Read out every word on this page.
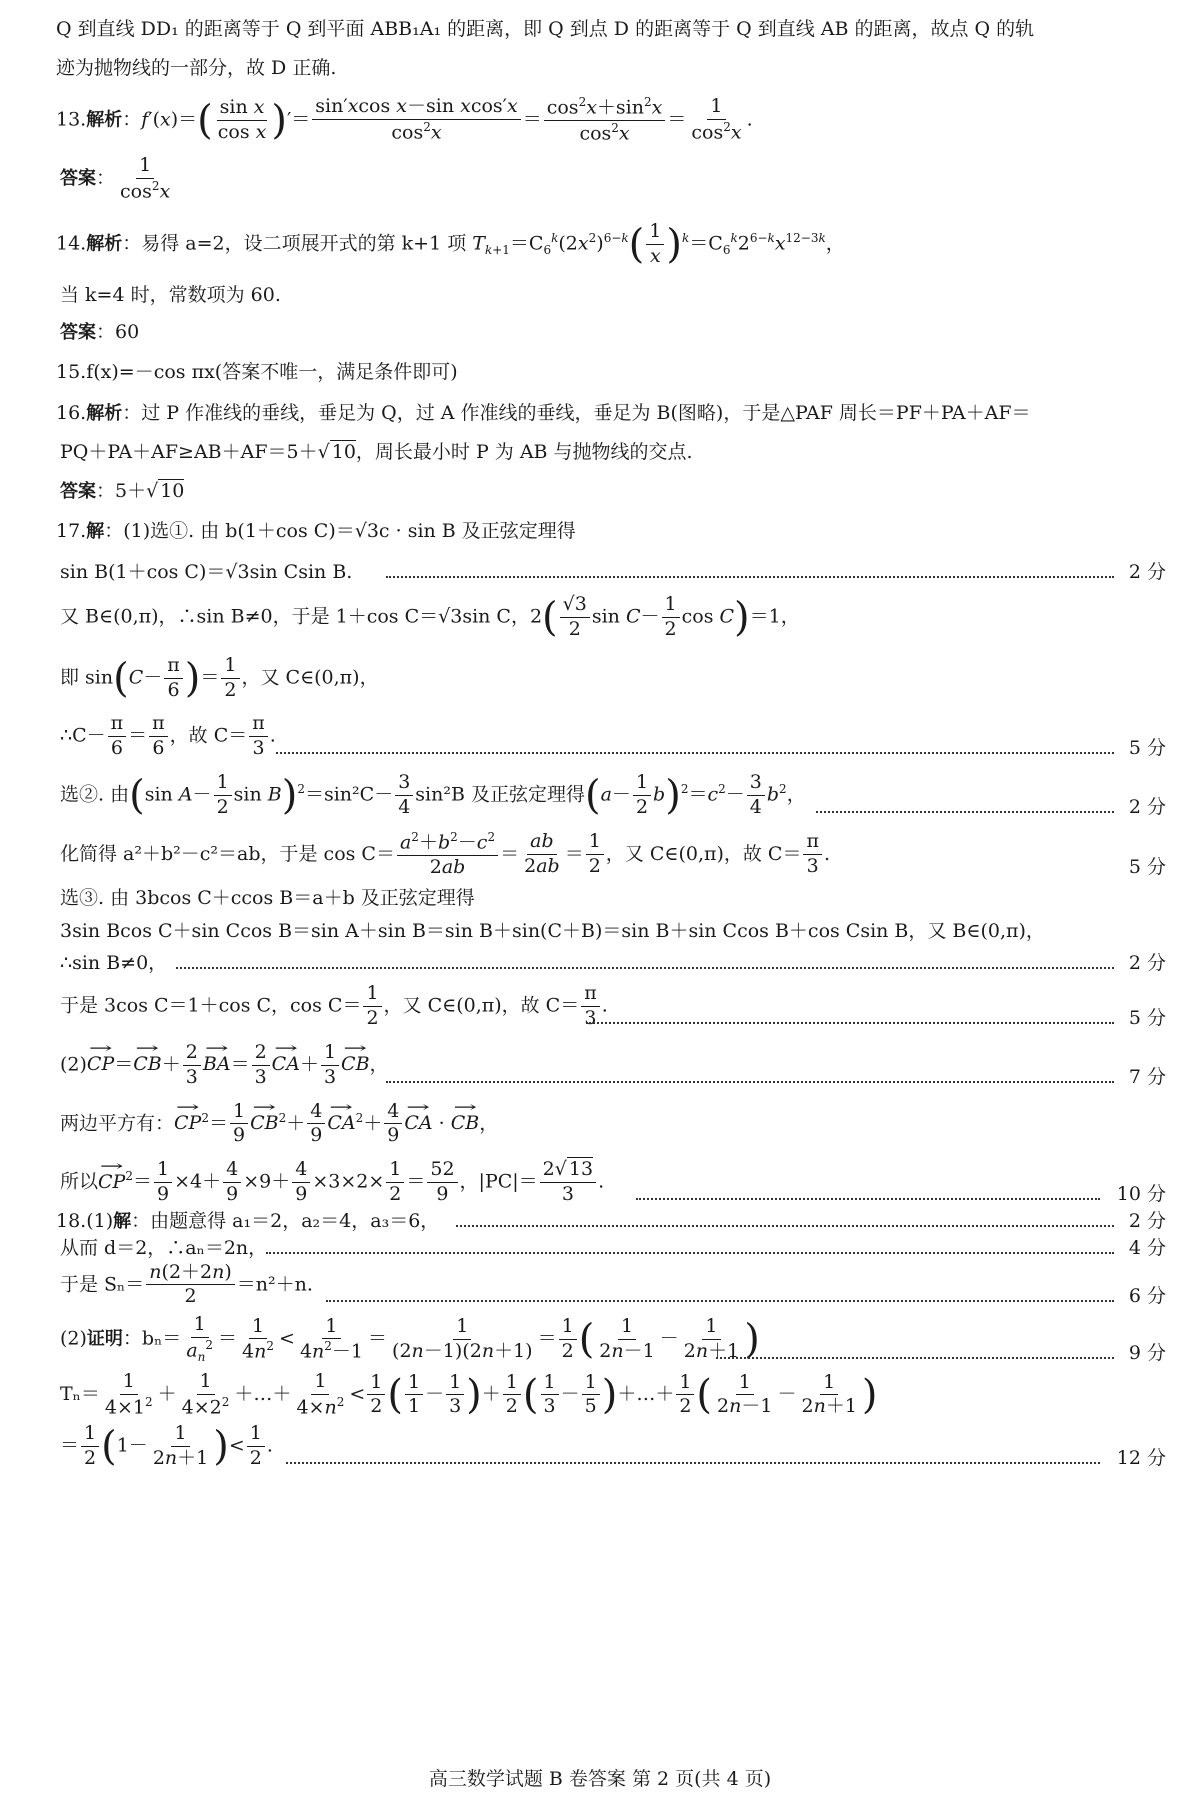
Q 到直线 DD₁ 的距离等于 Q 到平面 ABB₁A₁ 的距离，即 Q 到点 D 的距离等于 Q 到直线 AB 的距离，故点 Q 的轨
迹为抛物线的一部分，故 D 正确.
13.解析：$f'(x)=( \frac{\text{sin x}}{\text{cos x}}$ )′＝ $\frac{\text{sin′xcos x－sin xcos′x}}{\cos^2x} = \frac{\cos^2x+\sin^2x}{\cos^2x} = \frac{1}{\cos^2x}$ .
答案： $\frac{1}{\cos^2x}$
14.解析：易得 a=2，设二项展开式的第 k+1 项 $T_{k+1}=C_6^k(2x^2)^{6-k}( \frac{1}{x} )^k=C_6^k2^{6-k}x^{12-3k}$，
当 k=4 时，常数项为 60.
答案：60
15.f(x)=－cos πx(答案不唯一，满足条件即可)
16.解析：过 P 作准线的垂线，垂足为 Q，过 A 作准线的垂线，垂足为 B(图略)，于是△PAF 周长＝PF＋PA＋AF＝
PQ＋PA＋AF≥AB＋AF＝5＋√ 10，周长最小时 P 为 AB 与抛物线的交点.
答案：5＋√ 10
17.解：(1)选①. 由 b(1＋cos C)＝√3c · sin B 及正弦定理得
sin B(1＋cos C)＝√3sin Csin B.	2 分
又 B∈(0,π)，∴sin B≠0，于是 1＋cos C＝√3sin C，$2( \frac{√3}{2}$ $\sin C- \frac{1}{2}$ cos C)＝1，
即 $\sin(C- \frac{\pi}{6}$ )＝ $\frac{1}{2}$ ，又 C∈(0,π)，
∴C－ $\frac{\pi}{6} = \frac{\pi}{6}$ ，故 $C= \frac{\pi}{3}$ .
5 分
选②. 由(sin $A- \frac{1}{2}$ $\sin B)^2=\sin^2C- \frac{3}{4} \sin^2B$ 及正弦定理得$(a- \frac{1}{2} b)^2=c^2- \frac{3}{4} b^2$，
2 分
化简得 a²＋b²－c²＝ab，于是 $\cos C= \frac{a^2+b^2-c^2}{2ab} = \frac{ab}{2ab} = \frac{1}{2}$ ，又 C∈(0,π)，故 $C= \frac{\pi}{3}$ .
5 分
选③. 由 3bcos C＋ccos B＝a＋b 及正弦定理得
3sin Bcos C＋sin Ccos B＝sin A＋sin B＝sin B＋sin(C＋B)＝sin B＋sin Ccos B＋cos Csin B，又 B∈(0,π)，
∴sin B≠0，	2 分
于是 3cos C＝1＋cos C，$\cos C= \frac{1}{2}$ ，又 C∈(0,π)，故 $C= \frac{\pi}{3}$ .
5 分
$(2)\to CP=\to CB+ \frac{2}{3}$
→ $BA= \frac{2}{3}$
→ $CA+ \frac{1}{3}$
→ CB，
7 分
两边平方有：→ $CP^2= \frac{1}{9}$
→ $CB^2+ \frac{4}{9}$
→ $CA^2+ \frac{4}{9}$
→ CA · → CB，
所以→ $CP^2= \frac{1}{9} \times 4+ \frac{4}{9} \times 9+ \frac{4}{9} \times 3\times 2\times \frac{1}{2} = \frac{52}{9}$ ，$|PC|= \frac{2√ 13}{3}$ .
10 分
18.(1)解：由题意得 a₁＝2，a₂＝4，a₃＝6，	2 分
从而 d＝2，∴aₙ＝2n，	4 分
于是 $S_n= \frac{n(2+2n)}{2} =n^2+n$.
6 分
(2)证明：$b_n= \frac{1}{a_n^2} = \frac{1}{4n^2} < \frac{1}{4n^2-1} = \frac{1}{(2n-1)(2n+1)} = \frac{1}{2}$ ( $\frac{1}{2n-1} - \frac{1}{2n+1}$ )	9 分
$T_n= \frac{1}{4\times 1^2} + \frac{1}{4\times 2^2}$ ＋…＋ $\frac{1}{4\times n^2} < \frac{1}{2}$ ( $\frac{1}{1} - \frac{1}{3}$ )＋ $\frac{1}{2}$ ( $\frac{1}{3} - \frac{1}{5}$ )＋…＋ $\frac{1}{2}$ ( $\frac{1}{2n-1} - \frac{1}{2n+1}$ )
＝ $\frac{1}{2} (1- \frac{1}{2n+1}$ )< $\frac{1}{2}$ .
12 分
高三数学试题 B 卷答案 第 2 页(共 4 页)
